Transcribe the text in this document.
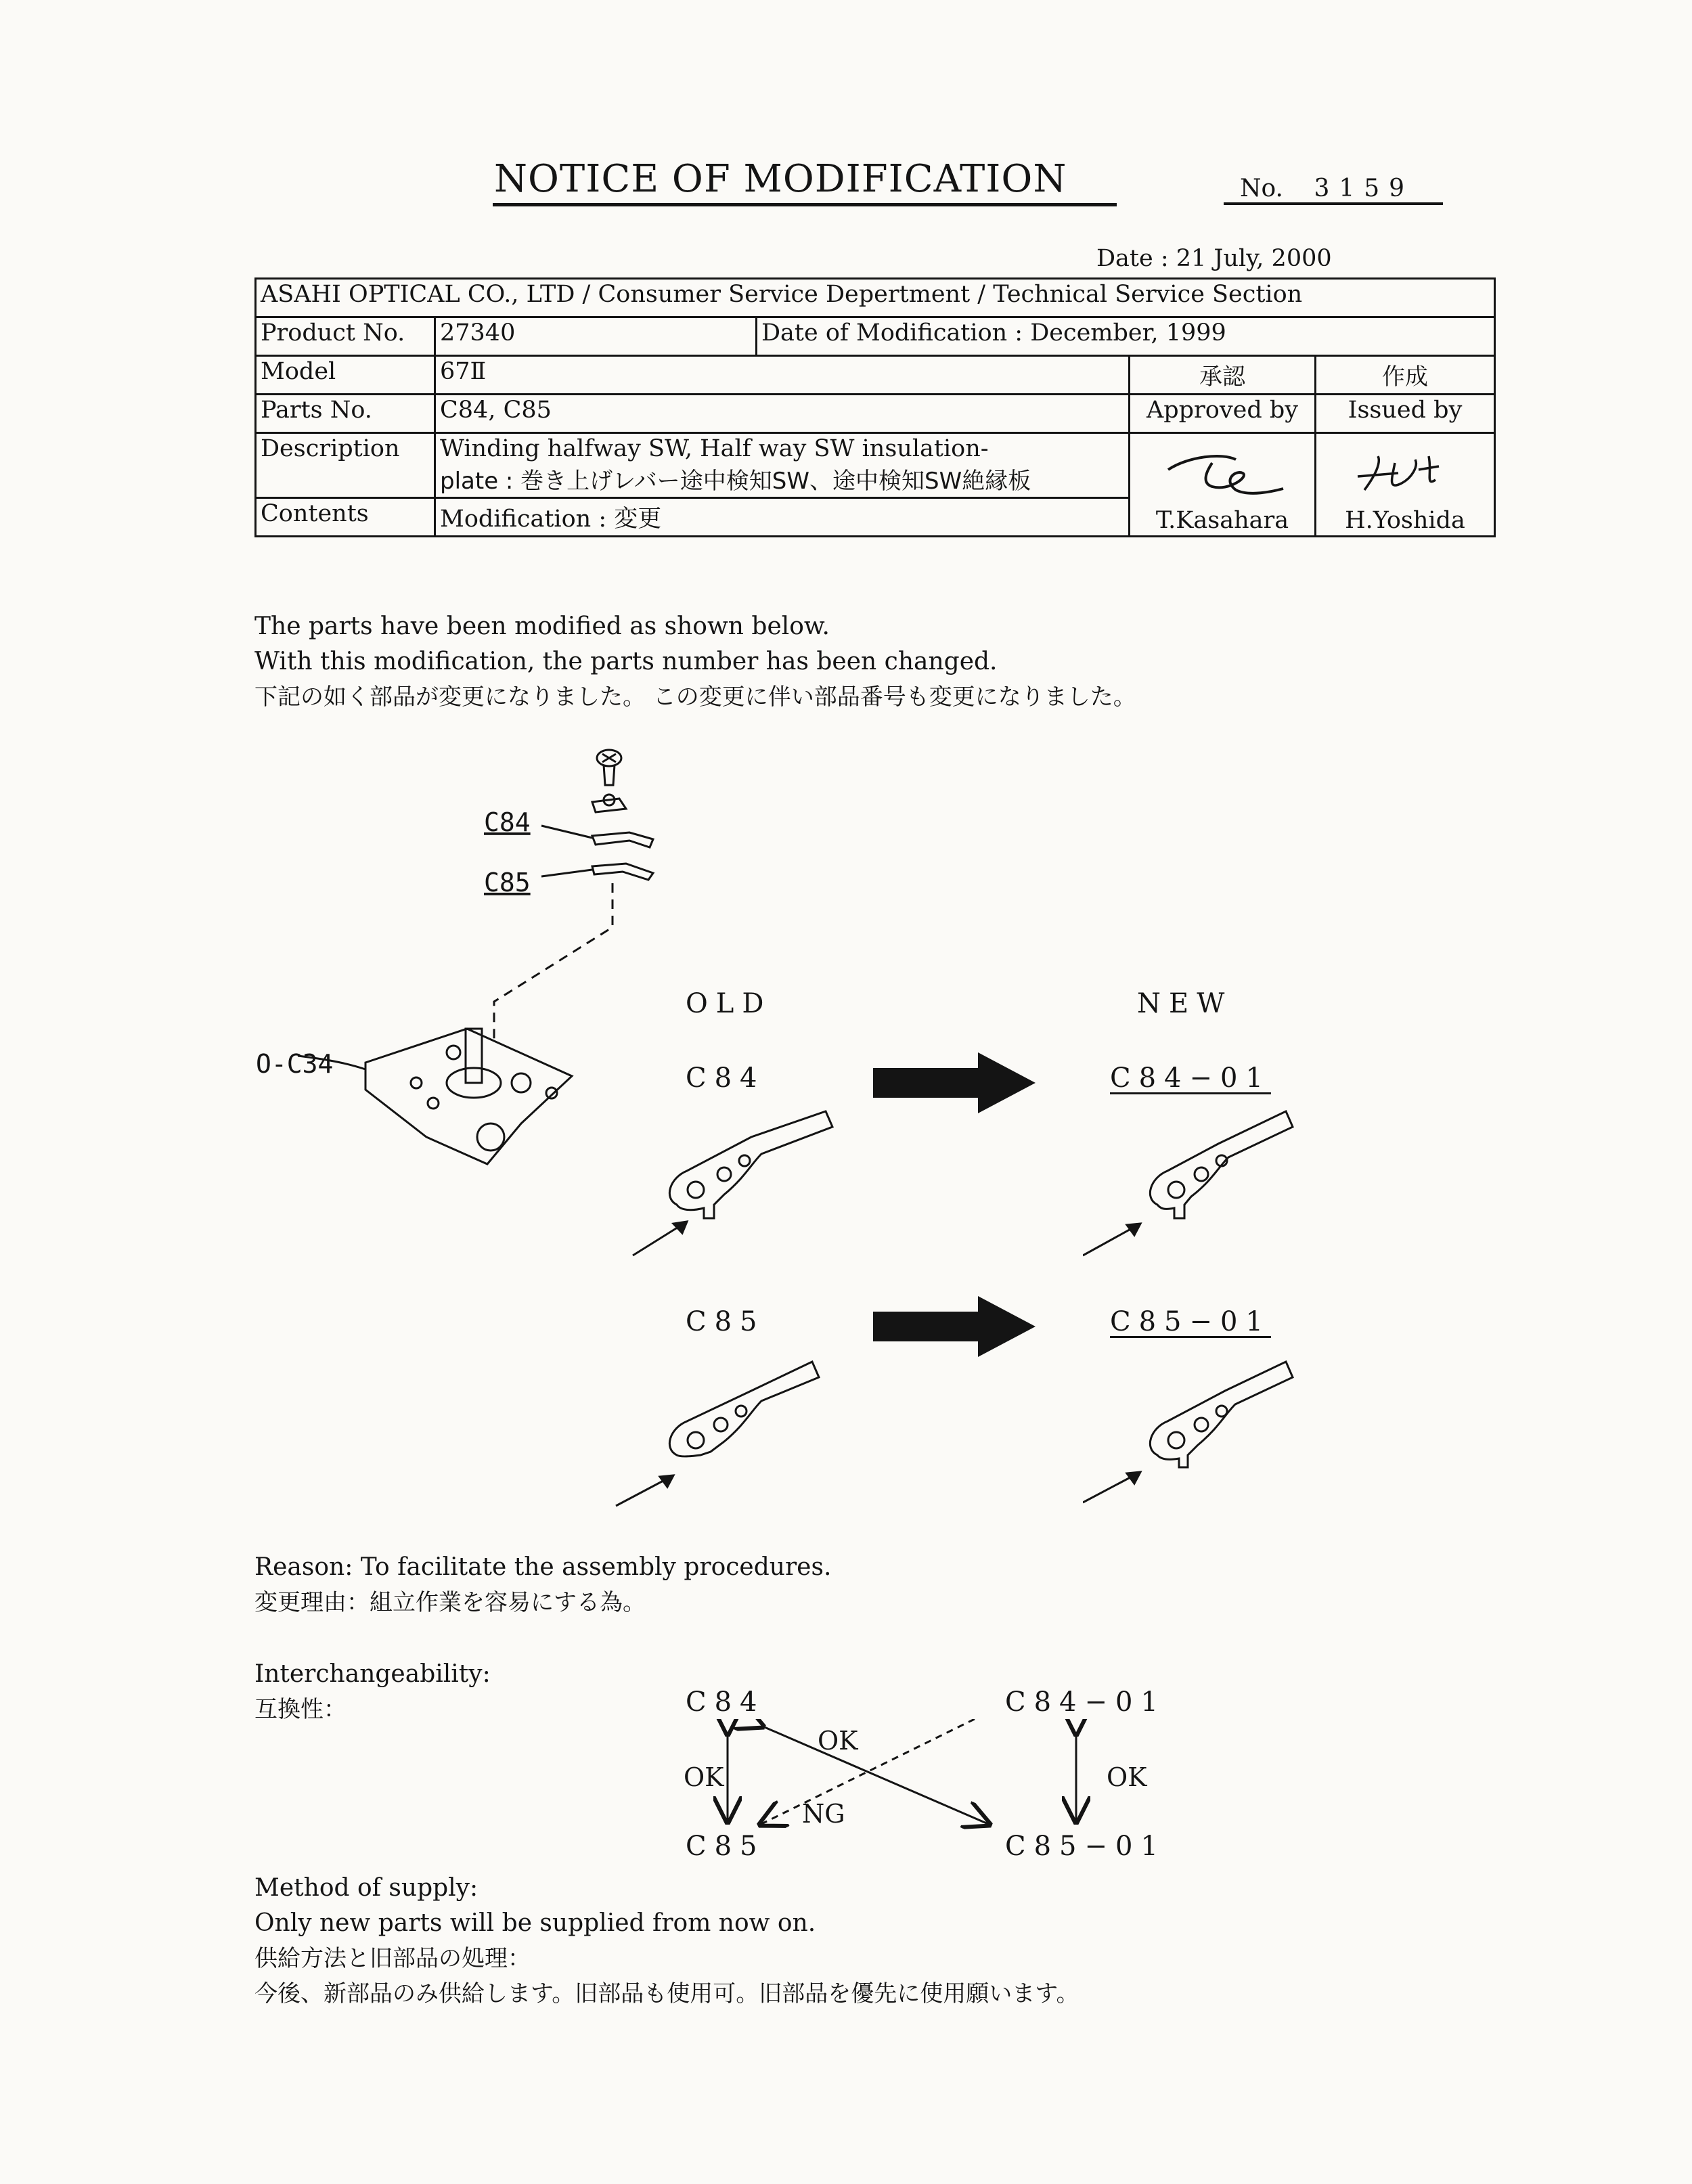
NOTICE OF MODIFICATION	No. 3159
Date : 21 July, 2000
ASAHI OPTICAL CO., LTD / Consumer Service Depertment / Technical Service Section				
Product No.	27340	Date of Modification : December, 1999		
Model	67Ⅱ		承認	作成
Parts No.	C84, C85		Approved by	Issued by
Description	Winding halfway SW, Half way SW insulation-
plate : 巻き上げレバー途中検知SW、途中検知SW絶縁板		T.Kasahara	H.Yoshida

Contents	Modification : 変更			
The parts have been modified as shown below.
With this modification, the parts number has been changed.
下記の如く部品が変更になりました。 この変更に伴い部品番号も変更になりました。
O-C34
C84
C85
OLD	NEW
C84	C84−01
C85	C85−01
Reason: To facilitate the assembly procedures.
変更理由：組立作業を容易にする為。
Interchangeability:
互換性：	C84	C84−01
C85	C85−01
OK
OK
NG
OK
Method of supply:
Only new parts will be supplied from now on.
供給方法と旧部品の処理：
今後、新部品のみ供給します。旧部品も使用可。旧部品を優先に使用願います。
